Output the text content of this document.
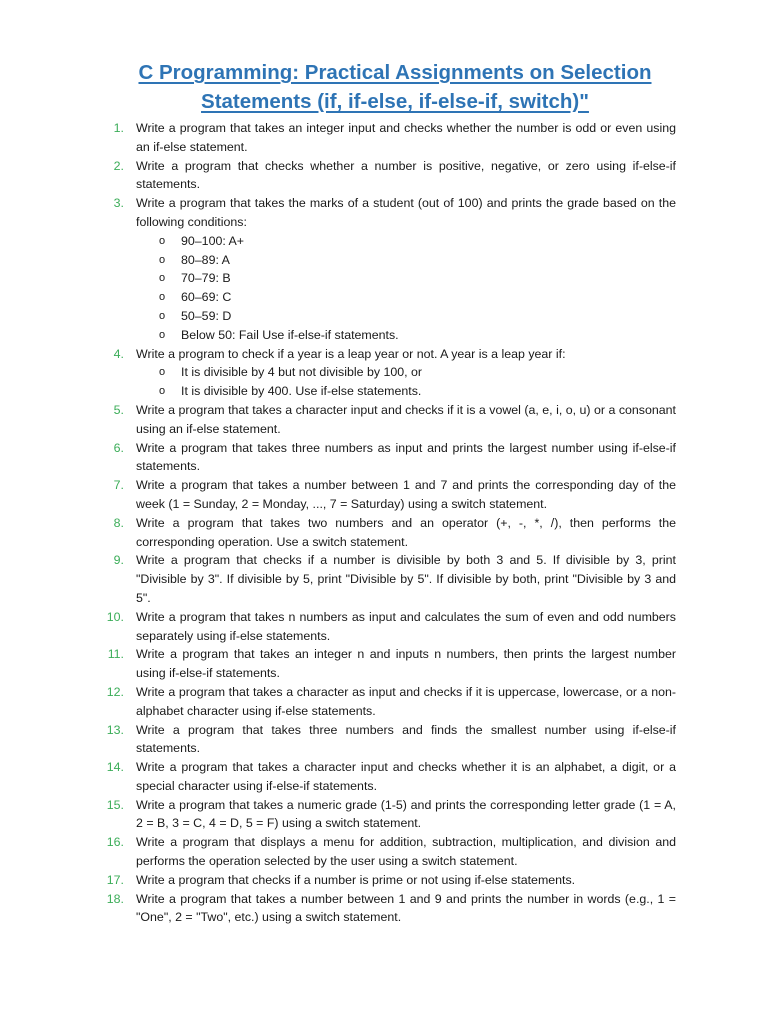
C Programming: Practical Assignments on Selection
Statements (if, if-else, if-else-if, switch)"
1. Write a program that takes an integer input and checks whether the number is odd or even using an if-else statement.
2. Write a program that checks whether a number is positive, negative, or zero using if-else-if statements.
3. Write a program that takes the marks of a student (out of 100) and prints the grade based on the following conditions:
o 90–100: A+
o 80–89: A
o 70–79: B
o 60–69: C
o 50–59: D
o Below 50: Fail Use if-else-if statements.
4. Write a program to check if a year is a leap year or not. A year is a leap year if:
o It is divisible by 4 but not divisible by 100, or
o It is divisible by 400. Use if-else statements.
5. Write a program that takes a character input and checks if it is a vowel (a, e, i, o, u) or a consonant using an if-else statement.
6. Write a program that takes three numbers as input and prints the largest number using if-else-if statements.
7. Write a program that takes a number between 1 and 7 and prints the corresponding day of the week (1 = Sunday, 2 = Monday, ..., 7 = Saturday) using a switch statement.
8. Write a program that takes two numbers and an operator (+, -, *, /), then performs the corresponding operation. Use a switch statement.
9. Write a program that checks if a number is divisible by both 3 and 5. If divisible by 3, print "Divisible by 3". If divisible by 5, print "Divisible by 5". If divisible by both, print "Divisible by 3 and 5".
10. Write a program that takes n numbers as input and calculates the sum of even and odd numbers separately using if-else statements.
11. Write a program that takes an integer n and inputs n numbers, then prints the largest number using if-else-if statements.
12. Write a program that takes a character as input and checks if it is uppercase, lowercase, or a non-alphabet character using if-else statements.
13. Write a program that takes three numbers and finds the smallest number using if-else-if statements.
14. Write a program that takes a character input and checks whether it is an alphabet, a digit, or a special character using if-else-if statements.
15. Write a program that takes a numeric grade (1-5) and prints the corresponding letter grade (1 = A, 2 = B, 3 = C, 4 = D, 5 = F) using a switch statement.
16. Write a program that displays a menu for addition, subtraction, multiplication, and division and performs the operation selected by the user using a switch statement.
17. Write a program that checks if a number is prime or not using if-else statements.
18. Write a program that takes a number between 1 and 9 and prints the number in words (e.g., 1 = "One", 2 = "Two", etc.) using a switch statement.
